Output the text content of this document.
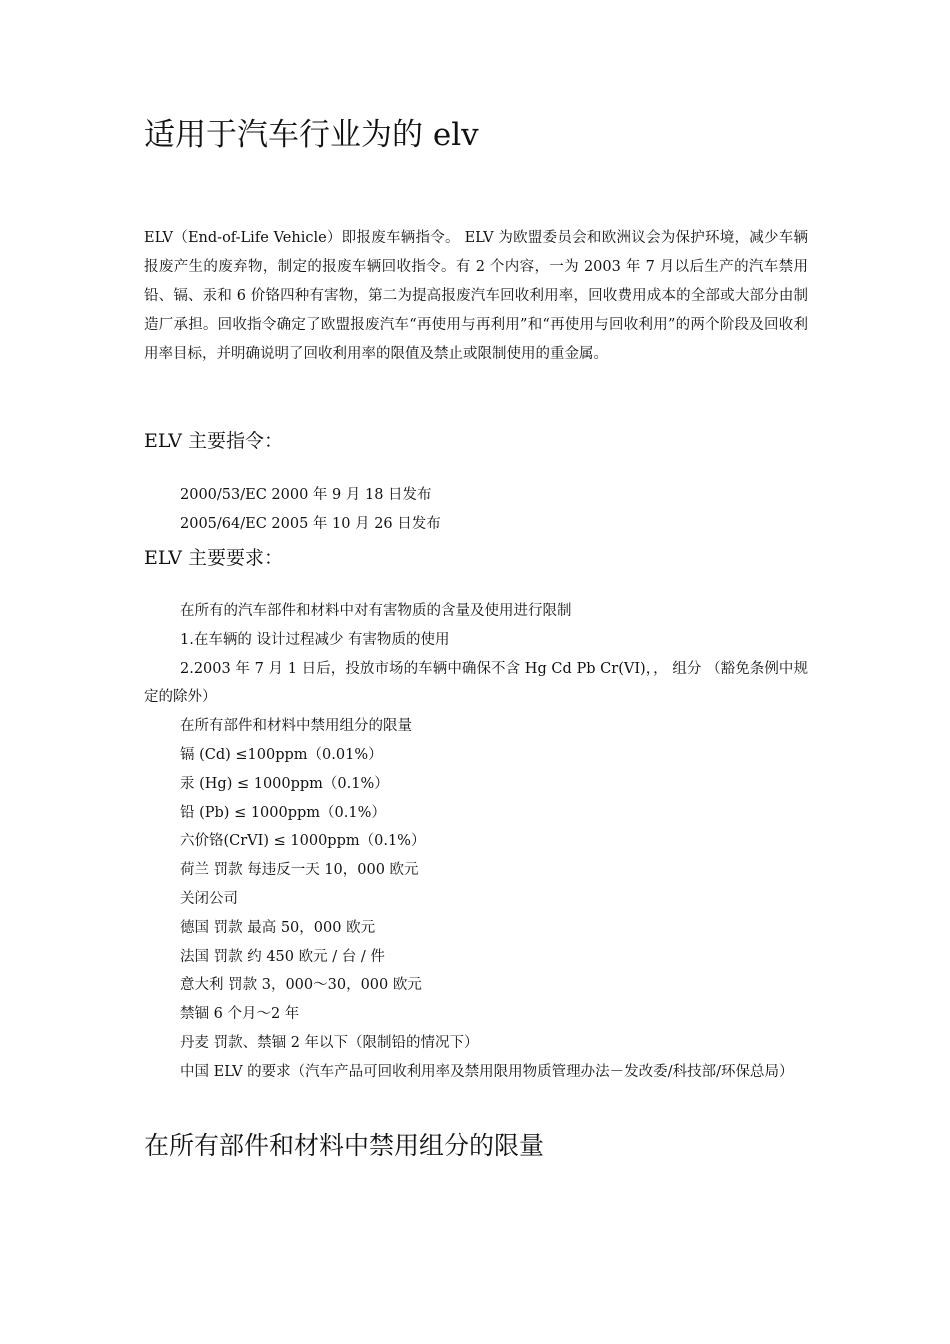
适用于汽车行业为的 elv

ELV（End-of-Life Vehicle）即报废车辆指令。 ELV 为欧盟委员会和欧洲议会为保护环境，减少车辆报废产生的废弃物，制定的报废车辆回收指令。有 2 个内容，一为 2003 年 7 月以后生产的汽车禁用铅、镉、汞和 6 价铬四种有害物，第二为提高报废汽车回收利用率，回收费用成本的全部或大部分由制造厂承担。回收指令确定了欧盟报废汽车“再使用与再利用”和“再使用与回收利用”的两个阶段及回收利用率目标，并明确说明了回收利用率的限值及禁止或限制使用的重金属。

ELV 主要指令：
2000/53/EC 2000 年 9 月 18 日发布
2005/64/EC 2005 年 10 月 26 日发布
ELV 主要要求：
在所有的汽车部件和材料中对有害物质的含量及使用进行限制
1.在车辆的 设计过程减少 有害物质的使用
2.2003 年 7 月 1 日后，投放市场的车辆中确保不含 Hg Cd Pb Cr(VI)，， 组分 （豁免条例中规定的除外）
在所有部件和材料中禁用组分的限量
镉 (Cd) ≤100ppm（0.01%）
汞 (Hg) ≤ 1000ppm（0.1%）
铅 (Pb) ≤ 1000ppm（0.1%）
六价铬(CrVI) ≤ 1000ppm（0.1%）
荷兰 罚款 每违反一天 10，000 欧元
关闭公司
德国 罚款 最高 50，000 欧元
法国 罚款 约 450 欧元 / 台 / 件
意大利 罚款 3，000～30，000 欧元
禁锢 6 个月～2 年
丹麦 罚款、禁锢 2 年以下（限制铅的情况下）
中国 ELV 的要求（汽车产品可回收利用率及禁用限用物质管理办法－发改委/科技部/环保总局）
在所有部件和材料中禁用组分的限量
